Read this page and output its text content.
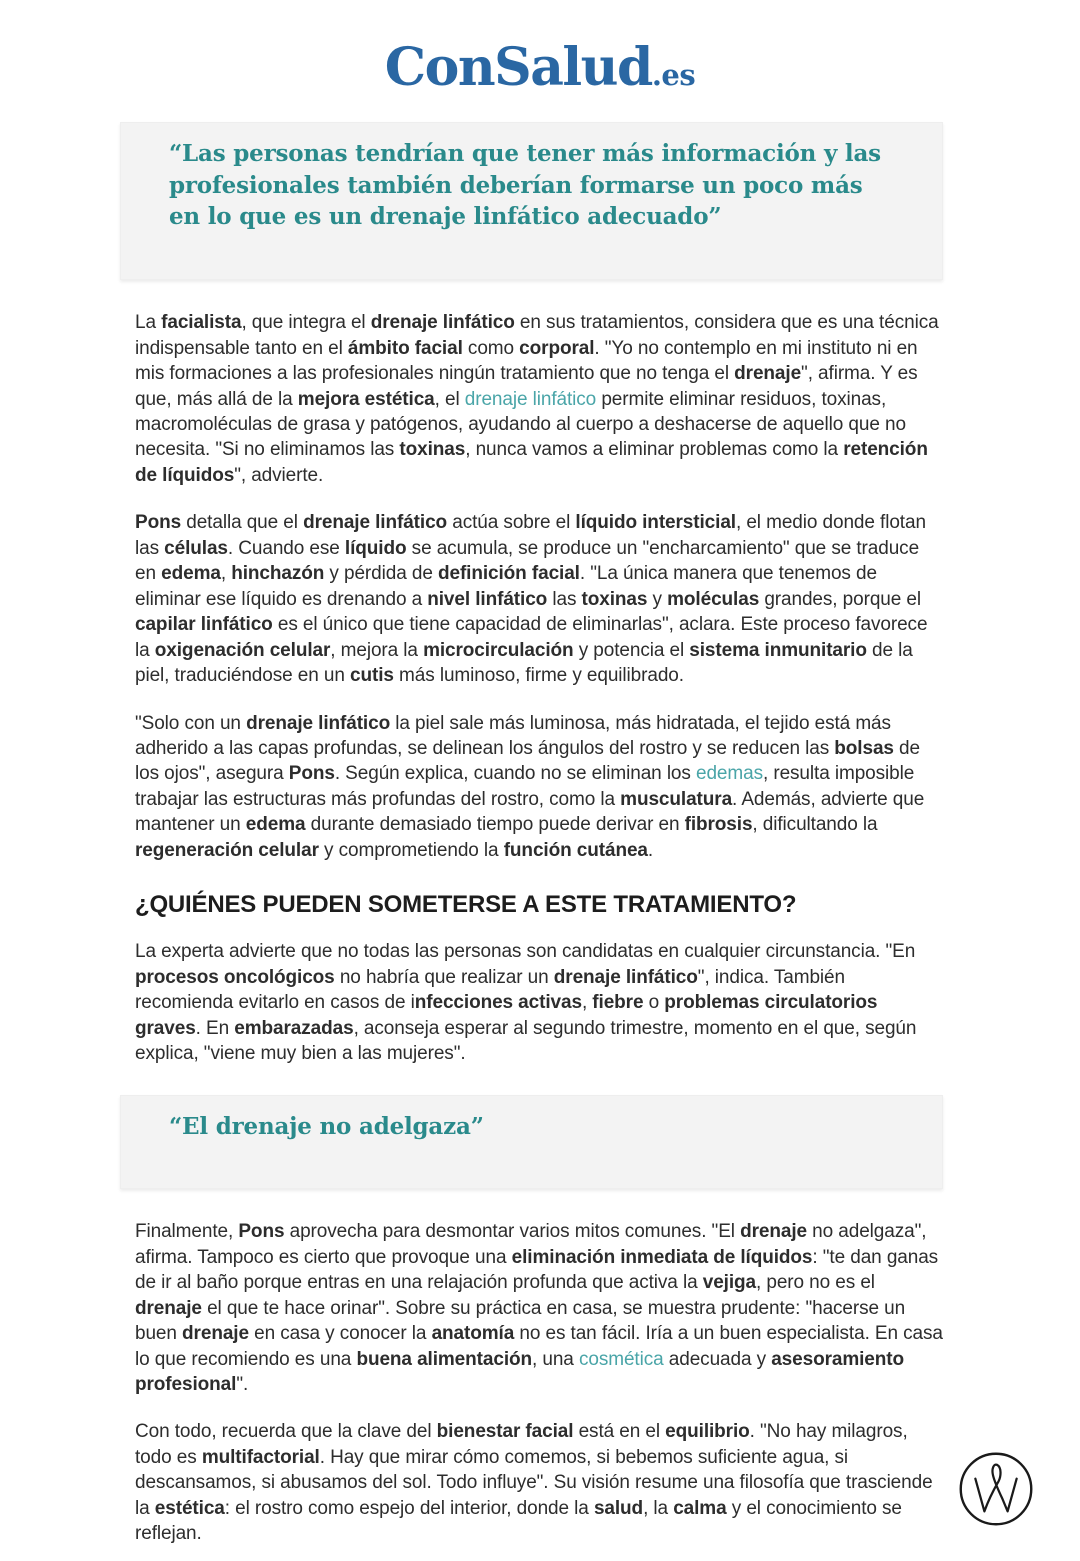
ConSalud.es

“Las personas tendrían que tener más información y las profesionales también deberían formarse un poco más en lo que es un drenaje linfático adecuado”

La facialista, que integra el drenaje linfático en sus tratamientos, considera que es una técnica indispensable tanto en el ámbito facial como corporal. "Yo no contemplo en mi instituto ni en mis formaciones a las profesionales ningún tratamiento que no tenga el drenaje", afirma. Y es que, más allá de la mejora estética, el drenaje linfático permite eliminar residuos, toxinas, macromoléculas de grasa y patógenos, ayudando al cuerpo a deshacerse de aquello que no necesita. "Si no eliminamos las toxinas, nunca vamos a eliminar problemas como la retención de líquidos", advierte.

Pons detalla que el drenaje linfático actúa sobre el líquido intersticial, el medio donde flotan las células. Cuando ese líquido se acumula, se produce un "encharcamiento" que se traduce en edema, hinchazón y pérdida de definición facial. "La única manera que tenemos de eliminar ese líquido es drenando a nivel linfático las toxinas y moléculas grandes, porque el capilar linfático es el único que tiene capacidad de eliminarlas", aclara. Este proceso favorece la oxigenación celular, mejora la microcirculación y potencia el sistema inmunitario de la piel, traduciéndose en un cutis más luminoso, firme y equilibrado.

"Solo con un drenaje linfático la piel sale más luminosa, más hidratada, el tejido está más adherido a las capas profundas, se delinean los ángulos del rostro y se reducen las bolsas de los ojos", asegura Pons. Según explica, cuando no se eliminan los edemas, resulta imposible trabajar las estructuras más profundas del rostro, como la musculatura. Además, advierte que mantener un edema durante demasiado tiempo puede derivar en fibrosis, dificultando la regeneración celular y comprometiendo la función cutánea.

¿QUIÉNES PUEDEN SOMETERSE A ESTE TRATAMIENTO?

La experta advierte que no todas las personas son candidatas en cualquier circunstancia. "En procesos oncológicos no habría que realizar un drenaje linfático", indica. También recomienda evitarlo en casos de infecciones activas, fiebre o problemas circulatorios graves. En embarazadas, aconseja esperar al segundo trimestre, momento en el que, según explica, "viene muy bien a las mujeres".

“El drenaje no adelgaza”

Finalmente, Pons aprovecha para desmontar varios mitos comunes. "El drenaje no adelgaza", afirma. Tampoco es cierto que provoque una eliminación inmediata de líquidos: "te dan ganas de ir al baño porque entras en una relajación profunda que activa la vejiga, pero no es el drenaje el que te hace orinar". Sobre su práctica en casa, se muestra prudente: "hacerse un buen drenaje en casa y conocer la anatomía no es tan fácil. Iría a un buen especialista. En casa lo que recomiendo es una buena alimentación, una cosmética adecuada y asesoramiento profesional".

Con todo, recuerda que la clave del bienestar facial está en el equilibrio. "No hay milagros, todo es multifactorial. Hay que mirar cómo comemos, si bebemos suficiente agua, si descansamos, si abusamos del sol. Todo influye". Su visión resume una filosofía que trasciende la estética: el rostro como espejo del interior, donde la salud, la calma y el conocimiento se reflejan.
